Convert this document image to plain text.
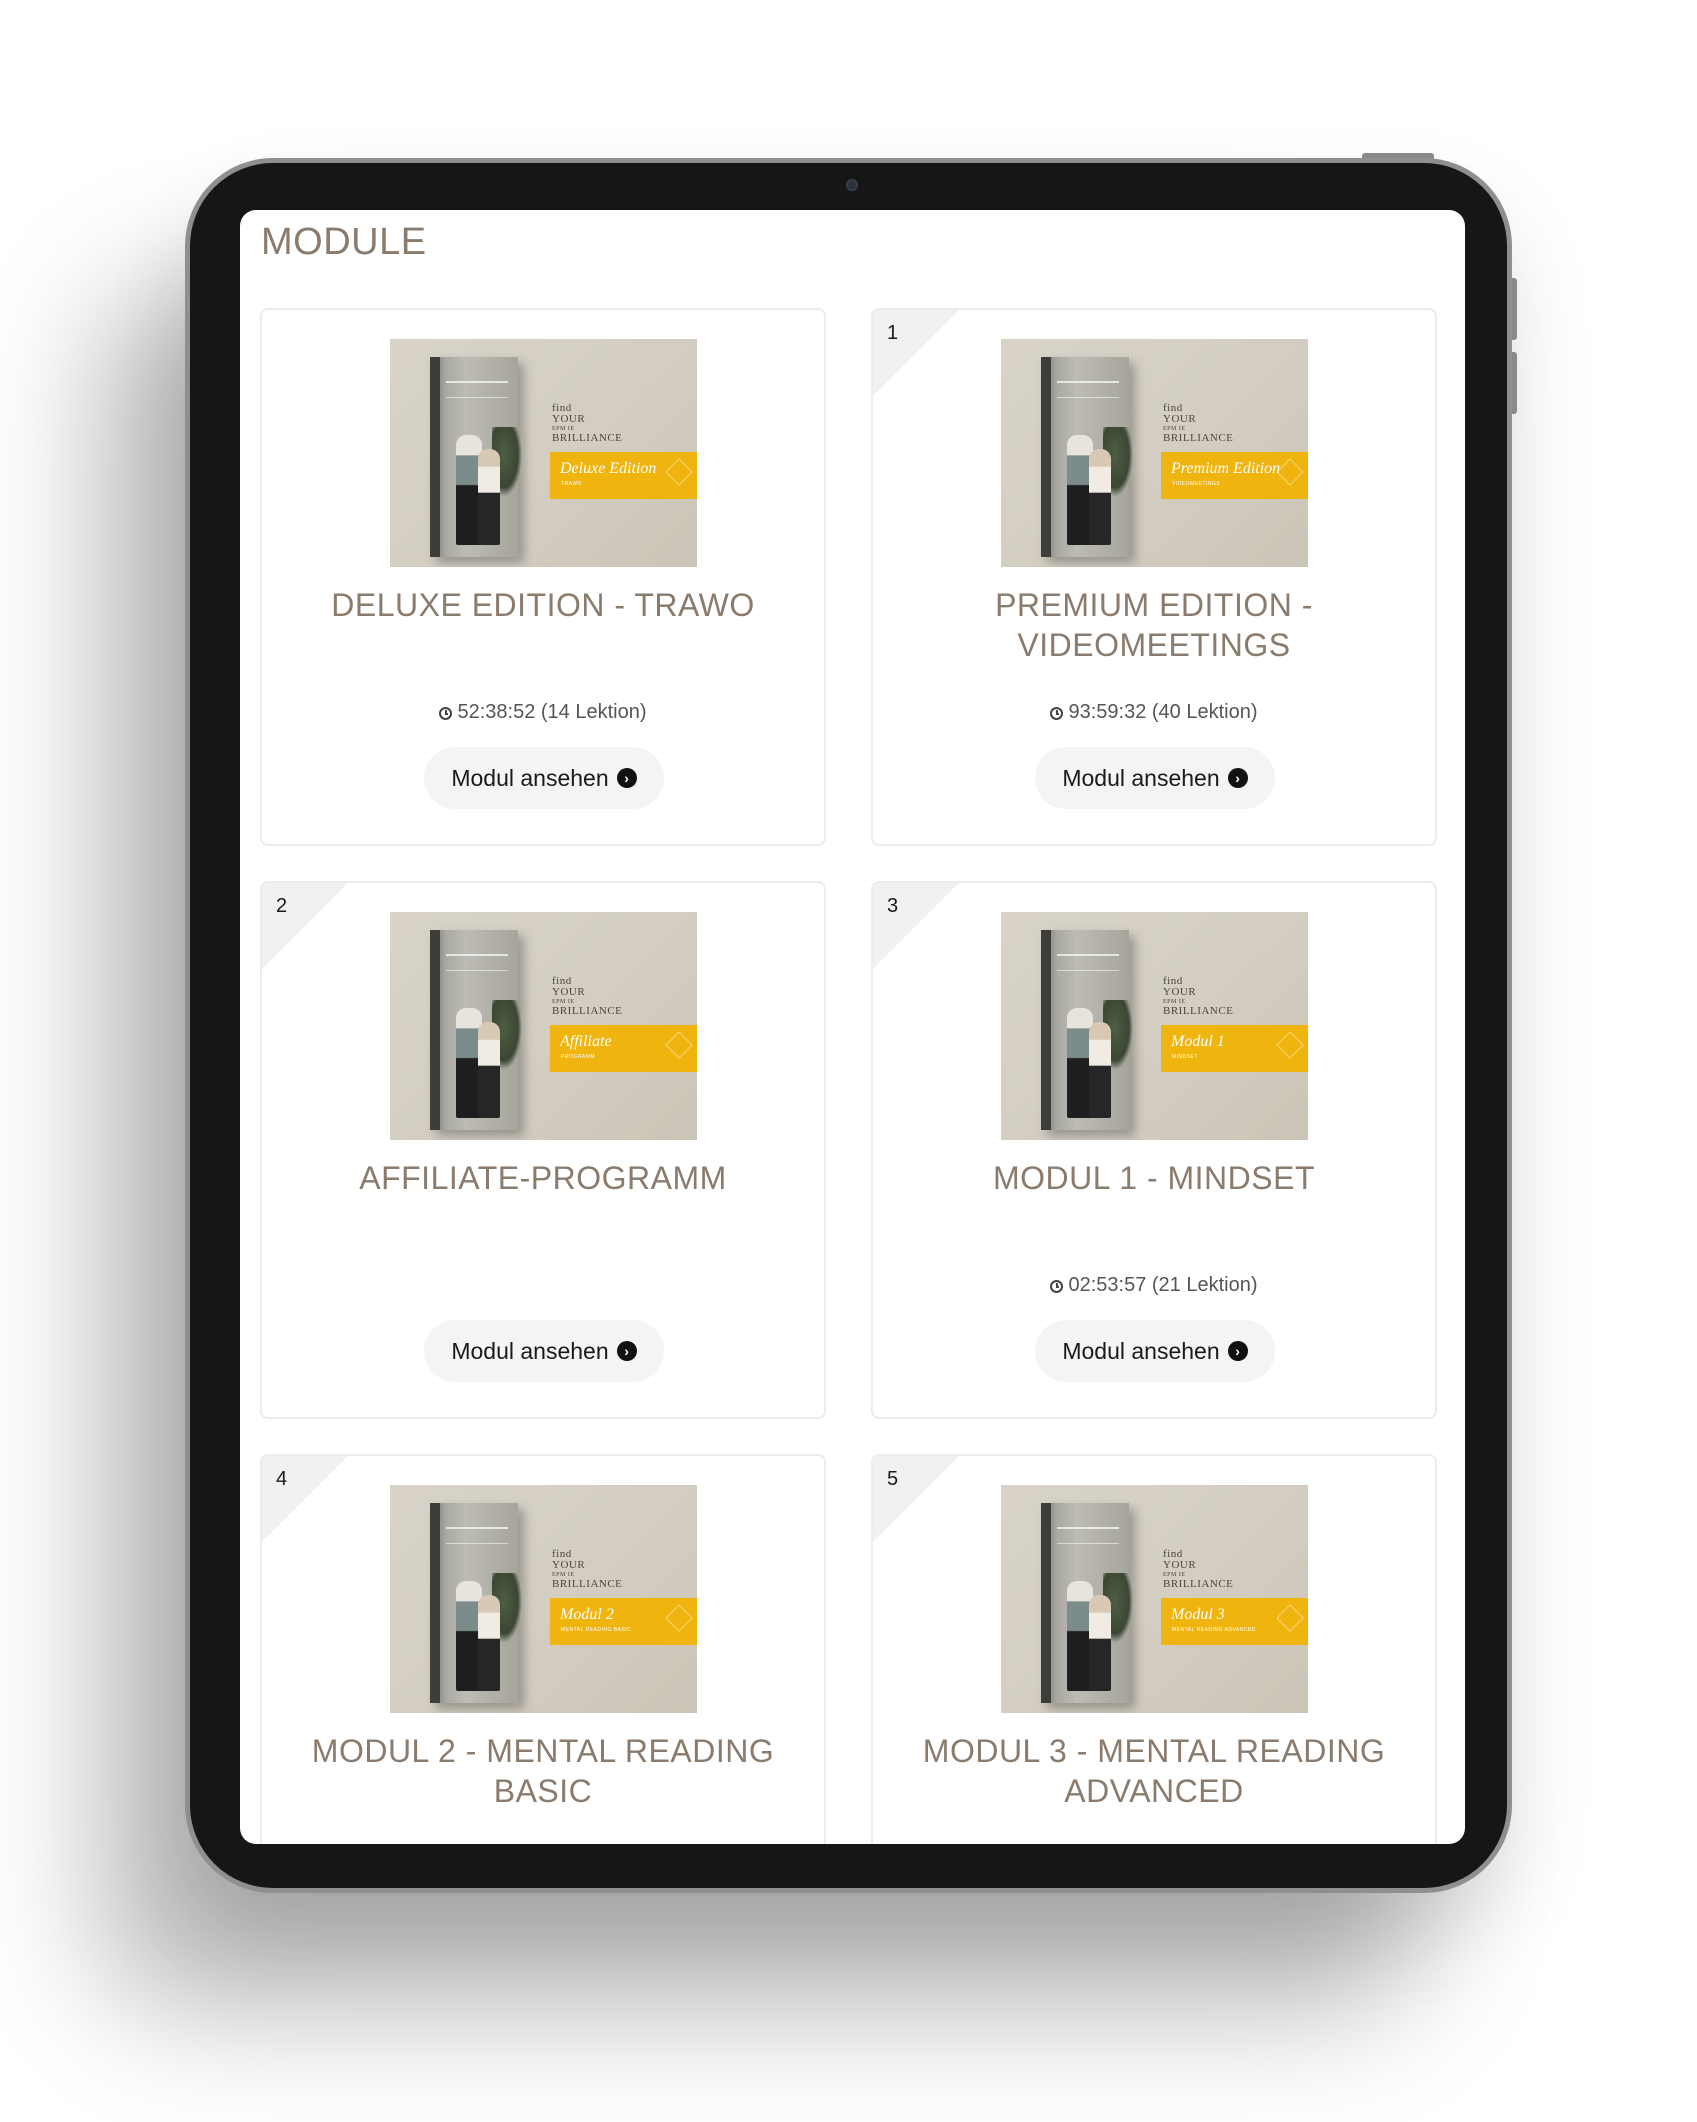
MODULE
find
YOUR
EPM IE
BRILLIANCE
Deluxe Edition
TRAWO
DELUXE EDITION - TRAWO
52:38:52 (14 Lektion)
Modul ansehen	›
1
find
YOUR
EPM IE
BRILLIANCE
Premium Edition
VIDEOMEETINGS
PREMIUM EDITION - VIDEOMEETINGS
93:59:32 (40 Lektion)
Modul ansehen	›
2
find
YOUR
EPM IE
BRILLIANCE
Affiliate
PROGRAMM
AFFILIATE-PROGRAMM
Modul ansehen	›
3
find
YOUR
EPM IE
BRILLIANCE
Modul 1
MINDSET
MODUL 1 - MINDSET
02:53:57 (21 Lektion)
Modul ansehen	›
4
find
YOUR
EPM IE
BRILLIANCE
Modul 2
MENTAL READING BASIC
MODUL 2 - MENTAL READING BASIC
5
find
YOUR
EPM IE
BRILLIANCE
Modul 3
MENTAL READING ADVANCED
MODUL 3 - MENTAL READING ADVANCED
